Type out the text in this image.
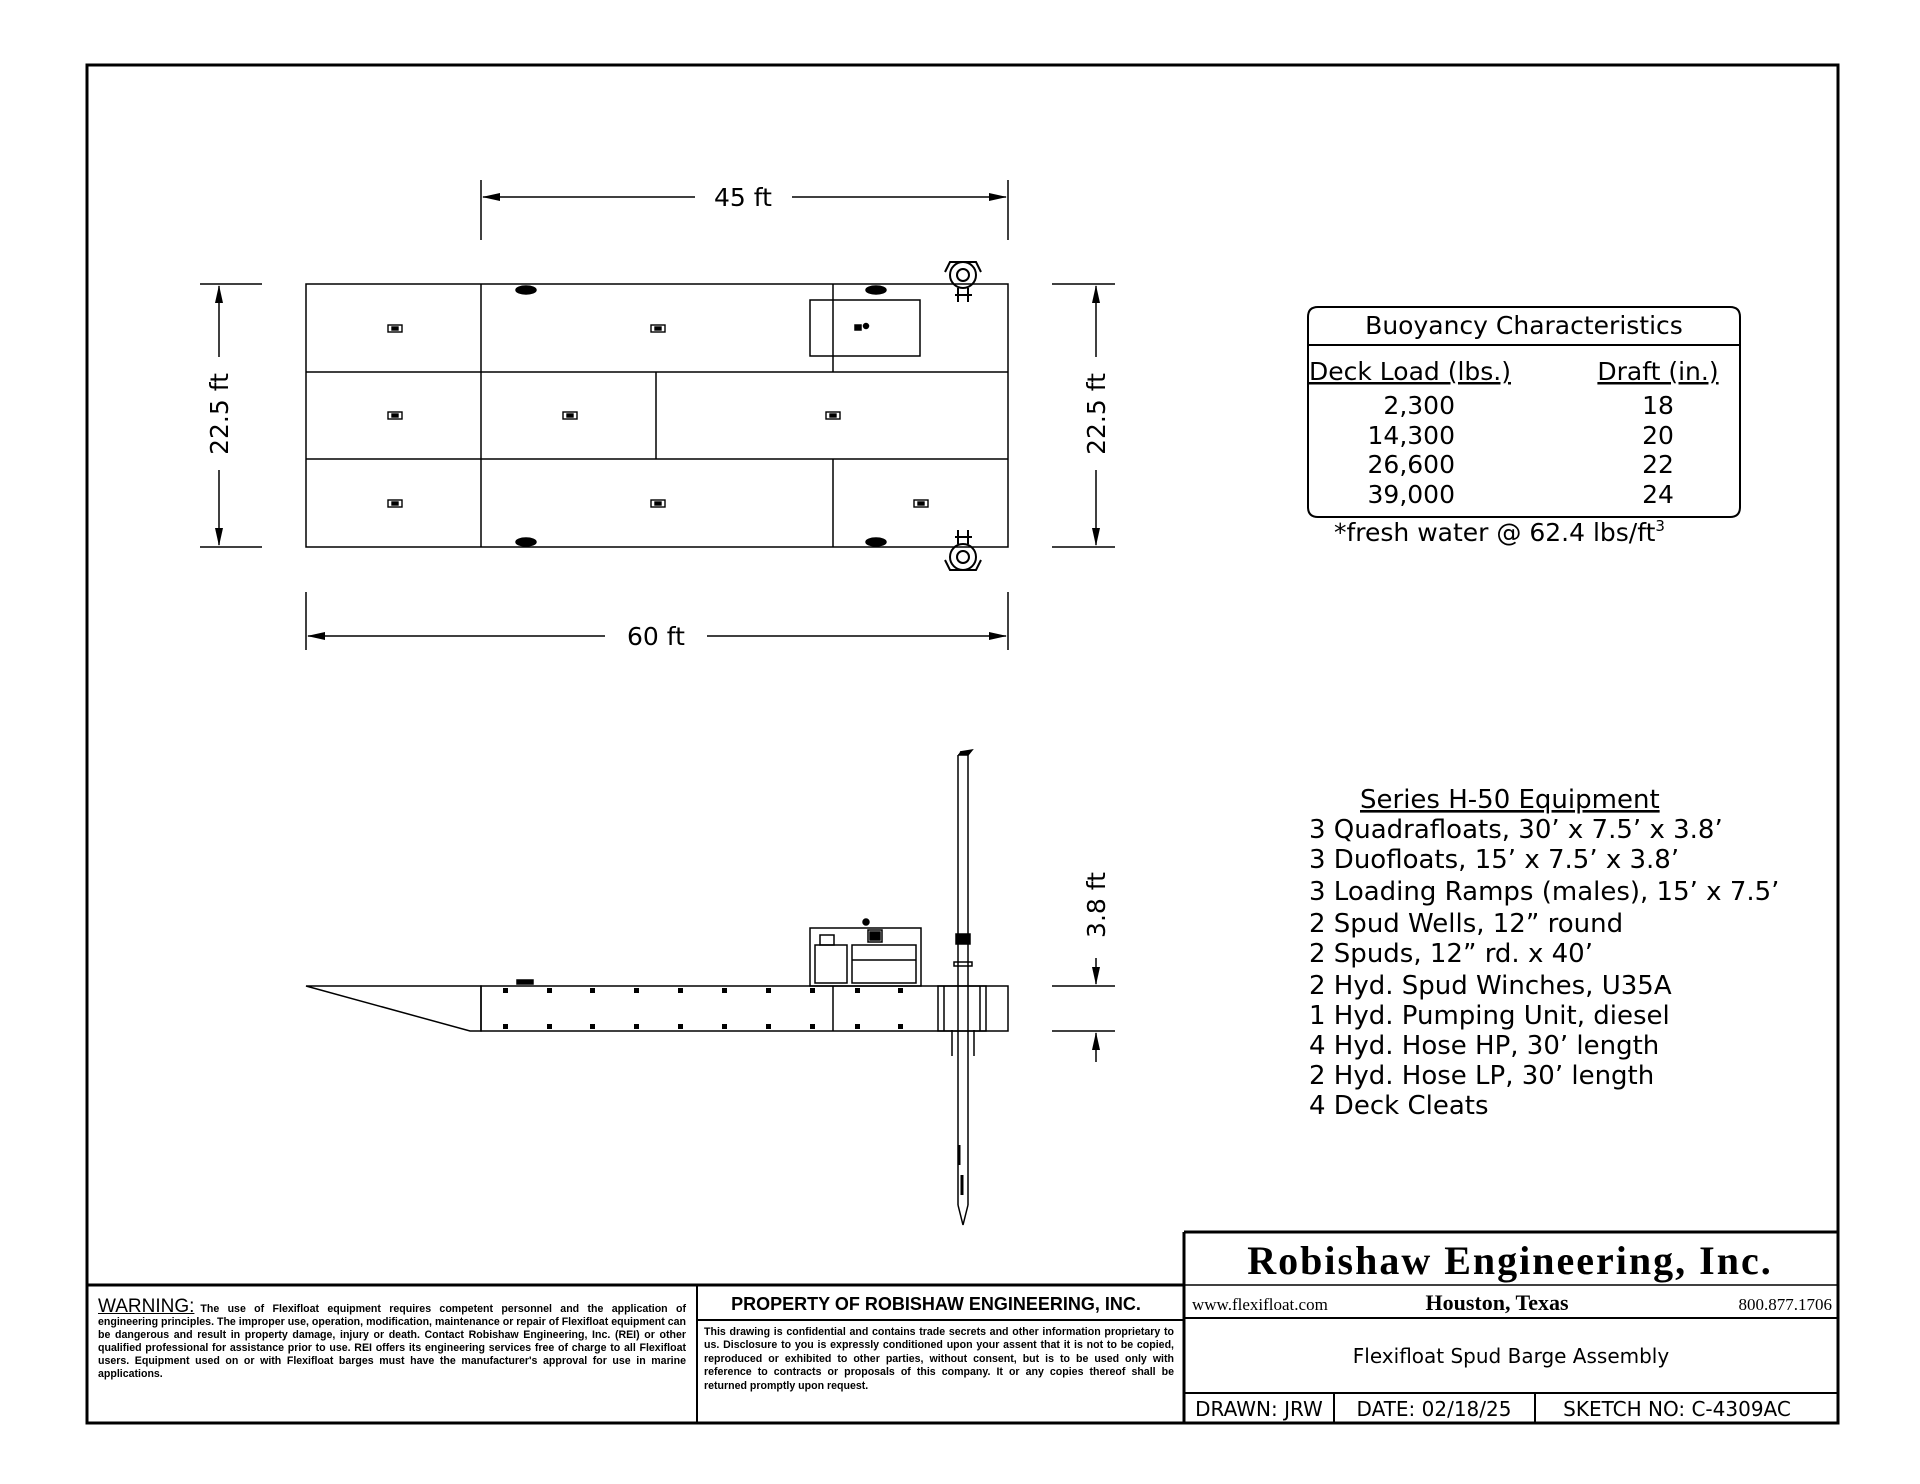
45 ft
60 ft
22.5 ft	22.5 ft
3.8 ft
Buoyancy Characteristics
Deck Load (lbs.)	Draft (in.)
2,300	18
14,300	20
26,600	22
39,000	24
*fresh water @ 62.4 lbs/$ft^3$
Series H-50 Equipment
3 Quadrafloats, 30’ x 7.5’ x 3.8’
3 Duofloats, 15’ x 7.5’ x 3.8’
3 Loading Ramps (males), 15’ x 7.5’
2 Spud Wells, 12” round
2 Spuds, 12” rd. x 40’
2 Hyd. Spud Winches, U35A
1 Hyd. Pumping Unit, diesel
4 Hyd. Hose HP, 30’ length
2 Hyd. Hose LP, 30’ length
4 Deck Cleats
Robishaw Engineering, Inc.
www.flexifloat.com	Houston, Texas	800.877.1706
Flexifloat Spud Barge Assembly
DRAWN: JRW DATE: 02/18/25	SKETCH NO: C-4309AC

WARNING: The use of Flexifloat equipment requires competent personnel and the application of engineering principles. The improper use, operation, modification, maintenance or repair of Flexifloat equipment can be dangerous and result in property damage, injury or death. Contact Robishaw Engineering, Inc. (REI) or other qualified professional for assistance prior to use. REI offers its engineering services free of charge to all Flexifloat users. Equipment used on or with Flexifloat barges must have the manufacturer's approval for use in marine applications.

PROPERTY OF ROBISHAW ENGINEERING, INC.

This drawing is confidential and contains trade secrets and other information proprietary to us. Disclosure to you is expressly conditioned upon your assent that it is not to be copied, reproduced or exhibited to other parties, without consent, but is to be used only with reference to contracts or proposals of this company. It or any copies thereof shall be returned promptly upon request.
